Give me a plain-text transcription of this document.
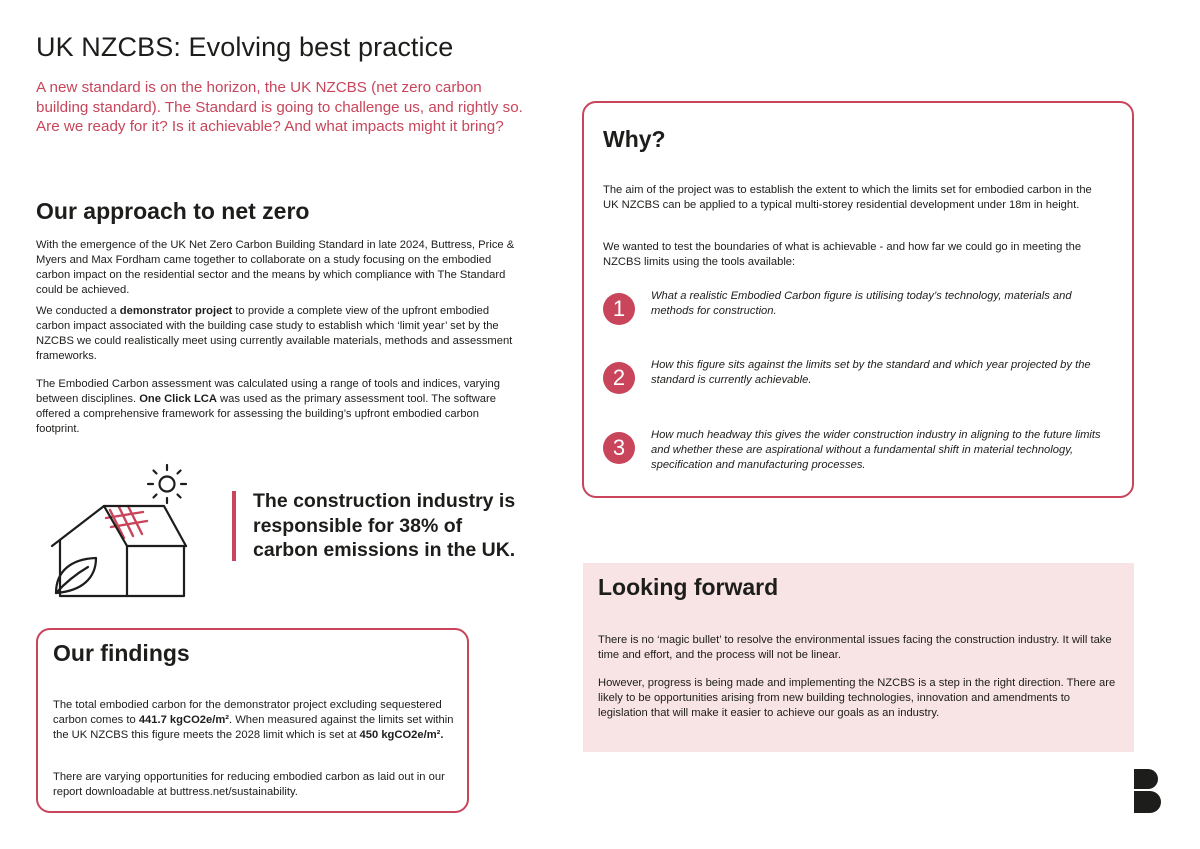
UK NZCBS: Evolving best practice

A new standard is on the horizon, the UK NZCBS (net zero carbon building standard). The Standard is going to challenge us, and rightly so. Are we ready for it? Is it achievable? And what impacts might it bring?

Our approach to net zero

With the emergence of the UK Net Zero Carbon Building Standard in late 2024, Buttress, Price & Myers and Max Fordham came together to collaborate on a study focusing on the embodied carbon impact on the residential sector and the means by which compliance with The Standard could be achieved.

We conducted a demonstrator project to provide a complete view of the upfront embodied carbon impact associated with the building case study to establish which ‘limit year’ set by the NZCBS we could realistically meet using currently available materials, methods and assessment frameworks.

The Embodied Carbon assessment was calculated using a range of tools and indices, varying between disciplines. One Click LCA was used as the primary assessment tool. The software offered a comprehensive framework for assessing the building’s upfront embodied carbon footprint.

The construction industry is responsible for 38% of carbon emissions in the UK.

Our findings

The total embodied carbon for the demonstrator project excluding sequestered carbon comes to 441.7 kgCO2e/m². When measured against the limits set within the UK NZCBS this figure meets the 2028 limit which is set at 450 kgCO2e/m².

There are varying opportunities for reducing embodied carbon as laid out in our report downloadable at buttress.net/sustainability.

Why?

The aim of the project was to establish the extent to which the limits set for embodied carbon in the UK NZCBS can be applied to a typical multi-storey residential development under 18m in height.

We wanted to test the boundaries of what is achievable - and how far we could go in meeting the NZCBS limits using the tools available:

1	What a realistic Embodied Carbon figure is utilising today’s technology, materials and methods for construction.

2	How this figure sits against the limits set by the standard and which year projected by the standard is currently achievable.

3	How much headway this gives the wider construction industry in aligning to the future limits and whether these are aspirational without a fundamental shift in material technology, specification and manufacturing processes.

Looking forward

There is no ‘magic bullet’ to resolve the environmental issues facing the construction industry. It will take time and effort, and the process will not be linear.

However, progress is being made and implementing the NZCBS is a step in the right direction. There are likely to be opportunities arising from new building technologies, innovation and amendments to legislation that will make it easier to achieve our goals as an industry.
